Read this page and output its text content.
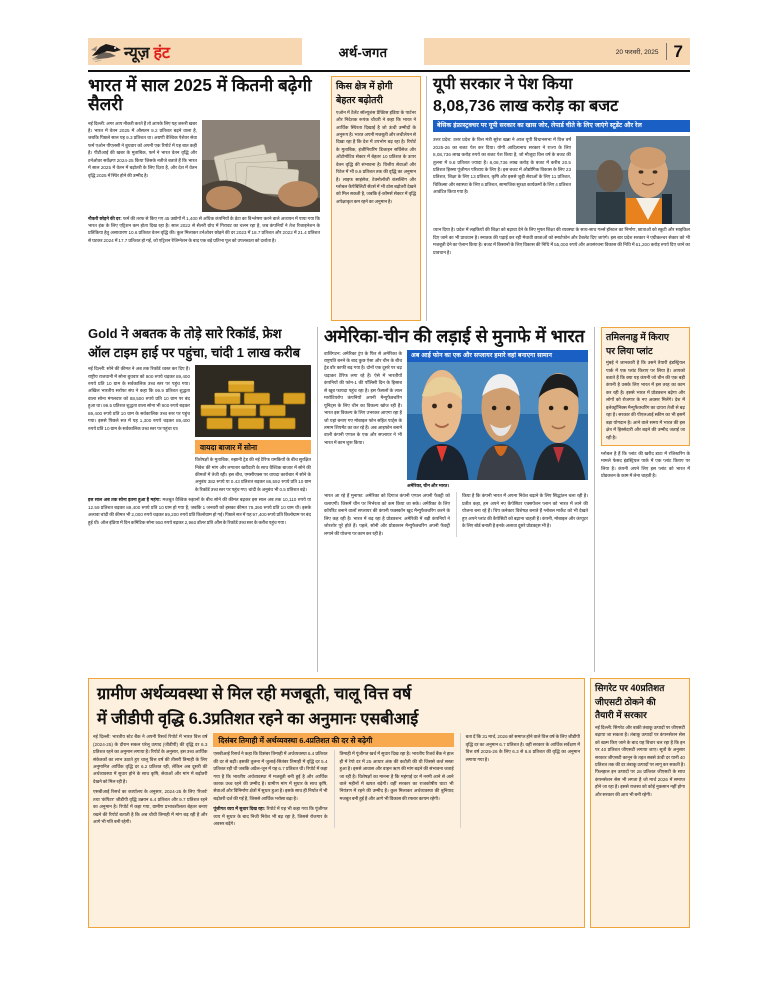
न्यूज़ हंट	अर्थ-जगत	20 फरवरी, 2025 7
भारत में साल 2025 में कितनी बढ़ेगी सैलरी
नई दिल्ली: अगर आप नौकरी करते हैं तो आपके लिए यह जरूरी खबर है। भारत में वेतन 2025 में औसतन 9.2 प्रतिशत बढ़ने वाला है, जबकि पिछले साल यह 9.3 प्रतिशत था। अग्रणी वैश्विक पेशेवर सेवा फर्म एओन पीएलसी ने बुधवार को अपनी एक रिपोर्ट में यह बात कही है। पीटीआई की खबर के मुताबिक, फर्म ने भारत वेतन वृद्धि और टर्नओवर सर्वेक्षण 2024-25 किया जिसके नतीजे बताते हैं कि भारत में साल 2025 में वेतन में बढ़ोतरी के लिए दिशा है, और देश में वेतन वृद्धि 2025 में स्थिर होने की उम्मीद है।
नौकरी छोड़ने की दर: फर्म की तरफ से किए गए 45 उद्योगों में 1,400 से अधिक कंपनियों के डेटा का विश्लेषण करने वाले अध्ययन में पाया गया कि भारत इंक के लिए एट्रिशन कम होता दिख रहा है। साल 2022 से सैलरी ग्रोथ में गिरावट का चलन रहा है, जब कंपनियों ने तेज रिजाइनेशन के प्रतिकिया हेतु असाधारण 10.6 प्रतिशत वेतन वृद्धि की। कुल मिलाकर टर्नओवर छोड़ने की दर 2023 में 18.7 प्रतिशत और 2022 में 21.4 प्रतिशत से घटकर 2024 में 17.7 प्रतिशत हो गई, जो एट्रिशन रेजिग्नेशन के बाद एक बड़े प्रतिभा पूल को उपलब्धता को दर्शाता है।
किस क्षेत्र में होगी
बेहतर बढ़ोतरी
एओन में टैलेंट सॉल्यूशंस प्रैक्टिस इंडिया के पार्टनर और निदेशक रूपंक चौधरी ने कहा कि भारत ने आर्थिक स्थिरता दिखाई है जो ऊंची उम्मीदों के अनुरूप है। भारत अपनी मजबूती और लचीलेपन से दिखा रहा है कि देश में उपभोग बढ़ रहा है। रिपोर्ट के मुताबिक, इंजीनियरिंग डिजाइन सर्विसेज और ऑटोमोटिव सेक्टर में बेहतर 10 प्रतिशत के ऊपर वेतन वृद्धि की संभावना है। वित्तीय सेवाओं और रिटेल में भी 9.9 प्रतिशत तक की वृद्धि का अनुमान है। लाइफ साइंसेज, टेक्नोलॉजी कंसल्टिंग और ग्लोबल कैपेबिलिटी सेंटर्स में भी ठोस बढ़ोतरी देखने को मिल सकती है, जबकि ई-कॉमर्स सेक्टर में वृद्धि अपेक्षाकृत कम रहने का अनुमान है।
यूपी सरकार ने पेश किया
8,08,736 लाख करोड़ का बजट
बेसिक इंफ्रास्ट्रक्चर पर यूपी सरकार का खास जोर, लेपार्ड चीते के लिए जाएंगे स्टूडेंट और रेल
उत्तर प्रदेश: उत्तर प्रदेश के वित्त मंत्री सुरेश खन्ना ने आज यूपी विधानसभा में वित्त वर्ष 2025-26 का बजट पेश कर दिया। योगी आदित्यनाथ सरकार ने राज्य के लिए 8,08,736 लाख करोड़ रुपये का बजट पेश किया है, जो मौजूदा वित्त वर्ष के बजट की तुलना में 9.8 प्रतिशत ज्यादा है। 8,08,736 लाख करोड़ के बजट में करीब 20.5 प्रतिशत हिस्सा पूंजीगत परिव्यय के लिए है। इस बजट में औद्योगिक विकास के लिए 23 प्रतिशत, शिक्षा के लिए 13 प्रतिशत, कृषि और इससे जुड़ी सेवाओं के लिए 11 प्रतिशत, चिकित्सा और स्वास्थ्य के लिए 6 प्रतिशत, सामाजिक सुरक्षा कार्यक्रमों के लिए 4 प्रतिशत आवंटित किया गया है।
ध्यान दिया है। प्रदेश में लड़कियों की शिक्षा को बढ़ावा देने के लिए मुफ्त शिक्षा की व्यवस्था के साथ-साथ गर्ल्स हॉस्टल का निर्माण, छात्राओं को स्कूटी और साइकिल दिए जाने का भी प्रावधान है। स्नातक की पढ़ाई कर रही मेधावी छात्राओं को स्मार्टफोन और टैबलेट दिए जाएंगे। इस बार प्रदेश सरकार ने एग्रीकल्चर सेक्टर को भी मजबूती देने का ऐलान किया है। बजट में किसानों के लिए विकास की निधि में 55,000 रुपये और अवसंरचना विकास की निधि में 61,200 करोड़ रुपये दिए जाने का प्रावधान है।
Gold ने अबतक के तोड़े सारे रिकॉर्ड, फ्रेश
ऑल टाइम हाई पर पहुंचा, चांदी 1 लाख करीब
नई दिल्ली: सोने की कीमत ने अब तक रिकॉर्ड ध्वस्त कर दिए हैं। राष्ट्रीय राजधानी में सोना बुधवार को 900 रुपये चढ़कर 89,400 रुपये प्रति 10 ग्राम के सर्वकालिक उच्च स्तर पर पहुंच गया। अखिल भारतीय सर्राफा संघ ने कहा कि 99.9 प्रतिशत शुद्धता वाला सोना मंगलवार को 88,500 रुपये प्रति 10 ग्राम पर बंद हुआ था। 99.5 प्रतिशत शुद्धता वाला सोना भी 900 रुपये बढ़कर 89,400 रुपये प्रति 10 ग्राम के सर्वकालिक उच्च स्तर पर पहुंच गया। इससे पिछले सत्र में यह 1,300 रुपये चढ़कर 89,400 रुपये प्रति 10 ग्राम के सर्वकालिक उच्च स्तर पर पहुंचा था।
वायदा बाजार में सोना
विशेषज्ञों के मुताबिक, रुझानी ट्रेड की नई टैरिफ धमकियों के बीच सुरक्षित निवेश की मांग और लगातार खरीदारी के साथ वैश्विक बाजार में सोने की कीमतों में तेजी रही। इस बीच, एमसीएक्स पर वायदा कारोबार में सोने के अनुबंध 382 रुपये या 0.43 प्रतिशत बढ़कर 86,592 रुपये प्रति 10 ग्राम के रिकॉर्ड उच्च स्तर पर पहुंच गए। चांदी के अनुबंध भी 0.5 प्रतिशत बढ़े।
इस साल अब तक सोना इतना हुआ है महंगा: मजबूत वैश्विक रुझानों के बीच सोने की कीमत बढ़कर इस साल अब तक 10,110 रुपये या 12.59 प्रतिशत बढ़कर 89,400 रुपये प्रति 10 ग्राम हो गया है, जबकि 1 जनवरी को इसका कीमत 79,390 रुपये प्रति 10 ग्राम थी। इसके अलावा चांदी की कीमत भी 2,000 रुपये चढ़कर 99,200 रुपये प्रति किलोग्राम हो गई। पिछले सत्र में यह 97,400 रुपये प्रति किलोग्राम पर बंद हुई थी। ऑल इंडिया में दिन कमिटिक सोना 950 रुपये बढ़कर 2,960 डॉलर प्रति औंस के रिकॉर्ड उच्च स्तर के करीब पहुंच गया।
अमेरिका-चीन की लड़ाई से मुनाफे में भारत
वाशिंगटन: अमेरिका ट्रंप के फिर से अमेरिका के राष्ट्रपति बनने के बाद कुछ ऐसा और चीन के बीच ट्रेड वॉर काफी बढ़ गया है। दोनों एक दूसरे पर चढ़ चढ़ाकर टैरिफ लगा रहे हैं। ऐसे में भारतीयों कंपनियों की फोन-1 की पॉलिसी दिन के हिसाब से खूब फायदा पहुंच रहा है। इस फैसलों के लाल मारोटियरोप कंपनियों अपनी मैन्युफैक्चरिंग यूनिट्स के लिए चीन का विकल्प खोज रही हैं। भारत इस विकल्प के लिए उभरकर आएगा रहा है जो यहां बनाए गए मोबाइल फोन सहित पार्ट्स के तमाम शिपमेंट का कर रहे हैं। अब आइफोन बनाने वाली कंपनी एप्पल के एक और सप्लायर ने भी भारत में काम शुरू किया।
अब आई फोन का एक और सप्लायर हमारे वहां बनाएगा सामान
अमेरिका, चीन और भारत।
भारत आ रहे हैं मुनाफा: अमेरिका को दिगाज कंपनी एप्पल अपनी फैक्ट्री को चलाएगी। जिसमें चीन पर निर्भरता को कम किया जा सके। अमेरिका के लिए कॉर्पोरेट बनाने वालों सप्लायर की कंपनी फक्स्कॉन खुद मैन्युफैक्चरिंग करने के लिए कह रही है। भारत में बढ़ रहा है प्रोडक्शन: अमेरिकी में बड़ी कंपनियों ने जोरशोर पूरे होते हैं। पहले, सोनी और प्रोडक्शन मैन्युफैक्चरिंग अपनी फैक्ट्री लगाने की योजना पर काम कर रही है।
किया है कि कंपनी भारत में अपना निवेश बढ़ाने के लिए सिद्धांतन चला रही है। प्रतीत कहा, हम अपने नए कैपेसिटर एक्सपेंशन प्लान को भारत में लाने की योजना बना रहे हैं। चिप कनेक्टर विशेषज्ञ बनाते हैं ग्लोबल मार्केट को भी देखते हुए अपने प्लांट की कैपेसिटी को बढ़ाना चाहती है। कंपनी, मोबाइल और कंप्यूटर के लिए बोर्ड बनाती है इनके अलावा दूसरे प्रोडक्ट्स भी है।
तमिलनाडु में किराए
पर लिया प्लांट
मुंबई ने जानकारी है कि उसने तैयारी इंडस्ट्रियल पार्क में एक प्लांट किराए पर लिया है। आपको बताते हैं कि क्या यह कंपनी जो चीन की एक बड़ी कंपनी है उसके लिए भारत में इस तरह का काम कर रही है। इससे भारत में प्रोडक्शन बढ़ेगा और लोगों को रोजगार के नए अवसर मिलेंगे। देश में इलेक्ट्रॉनिक्स मैन्युफैक्चरिंग का दायरा तेजी से बढ़ रहा है। सरकार की पीएलआई स्कीम का भी इसमें बड़ा योगदान है। आने वाले समय में भारत की इस क्षेत्र में हिस्सेदारी और बढ़ने की उम्मीद जताई जा रही है।
ग्लोबल है हैं कि प्लांट की खरीद डाटा में रजिस्टरिंग के मामले फेसद इंडस्ट्रियल पार्क में एक प्लांट किराए पर लिया है। कंपनी अपने लिए इस प्लांट को भारत में प्रोडक्शन के काम में लेना चाहती है।
ग्रामीण अर्थव्यवस्था से मिल रही मजबूती, चालू वित्त वर्ष
में जीडीपी वृद्धि 6.3प्रतिशत रहने का अनुमानः एसबीआई
नई दिल्ली: भारतीय स्टेट बैंक ने अपनी रिसर्च रिपोर्ट में भारत वित्त वर्ष (2024-25) के दौरान सकल घरेलू उत्पाद (जीडीपी) की वृद्धि दर 6.3 प्रतिशत रहने का अनुमान लगाया है। रिपोर्ट के अनुसार, इस उच्च आर्थिक संकेतकों का लाभ उठाते हुए चालू वित्त वर्ष की तीसरी तिमाही के लिए अनुमानित आर्थिक वृद्धि दर 6.2 प्रतिशत रही, लेकिन अब दूसरी की अर्थव्यवस्था में सुधार होने के साथ कृषि, सेवाओं और मांग में बढ़ोतरी देखने को मिल रही है।
एसबीआई रिसर्च का कार्यालय के अनुसार, 2024-25 के लिए 'रिजर्व' तथा 'कंपिटर' जीडीपी वृद्धि उन्नयन 6.4 प्रतिशत और 9.7 प्रतिशत रहने का अनुमान है। रिपोर्ट में कहा गया, ग्रामीण प्रभावशीलता बेहतर बनाए रखने की रिपोर्ट बताती है कि अब चौथी तिमाही में मांग बढ़ रही है और आगे भी गति बनी रहेगी।
दिसंबर तिमाही में अर्थव्यवस्था 6.4प्रतिशत की दर से बढ़ेगी
एसबीआई रिसर्च ने कहा कि दिसंबर तिमाही में अर्थव्यवस्था 6.4 प्रतिशत की दर से बढ़ी। इसकी तुलना में जुलाई-सितंबर तिमाही में वृद्धि दर 5.4 प्रतिशत रही थी जबकि अप्रैल-जून में यह 6.7 प्रतिशत थी। रिपोर्ट में कहा गया है कि भारतीय अर्थव्यवस्था में मजबूती बनी हुई है और आर्थिक कारक उच्च रहने की उम्मीद है। ग्रामीण मांग में सुधार के साथ कृषि, सेवाओं और विनिर्माण क्षेत्रों में सुधार हुआ है। इसके साथ ही निर्यात में भी बढ़ोतरी दर्ज की गई है, जिससे आर्थिक भरोसा बढ़ा है।
पूंजीगत व्यय में सुधार दिख रहा: रिपोर्ट में यह भी कहा गया कि पूंजीगत व्यय में सुधार के बाद निजी निवेश भी बढ़ रहा है, जिससे रोजगार के अवसर बढ़ेंगे।
तिमाही में पूंजीगत खर्च में सुधार दिख रहा है। भारतीय रिजर्व बैंक ने हाल ही में रेपो दर में 25 आधार अंक की कटौती की थी जिससे कर्ज सस्ता हुआ है। इससे आवास और वाहन ऋण की मांग बढ़ने की संभावना जताई जा रही है। विशेषज्ञों का मानना है कि महंगाई दर में नरमी आने से आने वाले महीनों में खपत बढ़ेगी। वहीं सरकार का राजकोषीय घाटा भी नियंत्रण में रहने की उम्मीद है। कुल मिलाकर अर्थव्यवस्था की बुनियाद मजबूत बनी हुई है और आगे भी विकास की रफ्तार कायम रहेगी।
बता दें कि 31 मार्च, 2026 को समाप्त होने वाले वित्त वर्ष के लिए जीडीपी वृद्धि दर का अनुमान 6.7 प्रतिशत है। वहीं सरकार के आर्थिक सर्वेक्षण में वित्त वर्ष 2025-26 के लिए 6.3 से 6.8 प्रतिशत की वृद्धि का अनुमान लगाया गया है।
सिगरेट पर 40प्रतिशत
जीएसटी ठोकने की
तैयारी में सरकार
नई दिल्ली: सिगरेट और बाकी तंबाकू उत्पादों पर जीएसटी बढ़ाया जा सकता है। तंबाकू उत्पादों पर कंपनसेशन सेस को खत्म किए जाने के बाद यह विचार चल रहा है कि इन पर 40 प्रतिशत जीएसटी लगाया जाए। सूत्रों के अनुसार सरकार जीएसटी कानून के तहत सबसे ऊंची दर यानी 40 प्रतिशत तक की दर तंबाकू उत्पादों पर लागू कर सकती है। फिलहाल इन उत्पादों पर 28 प्रतिशत जीएसटी के साथ कंपनसेशन सेस भी लगता है जो मार्च 2026 में समाप्त होने जा रहा है। इससे राजस्व को कोई नुकसान नहीं होगा और सरकार की आय भी बनी रहेगी।
